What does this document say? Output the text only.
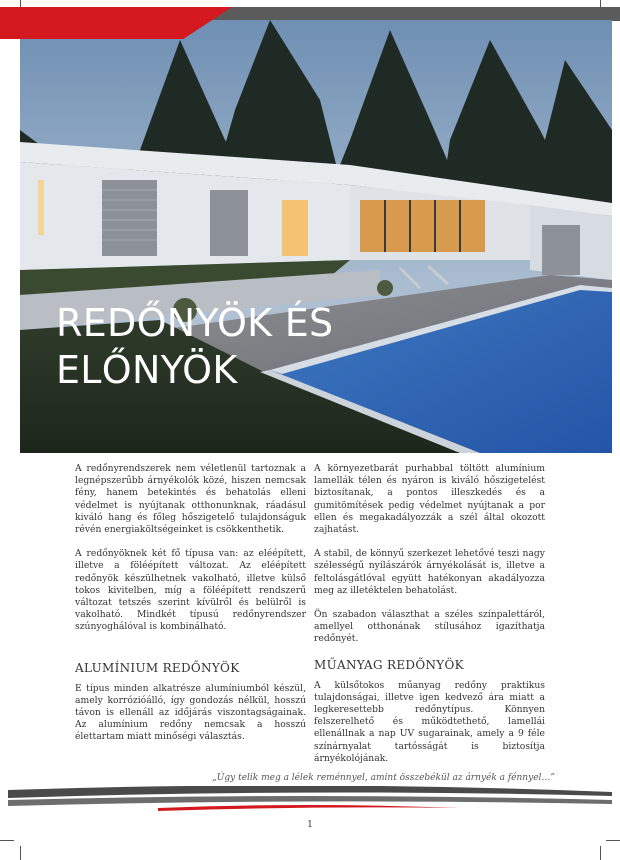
REDŐNYÖK ÉS
ELŐNYÖK

A redőnyrendszerek nem véletlenül tartoznak a legnépszerűbb árnyékolók közé, hiszen nemcsak fény, hanem betekintés és behatolás elleni védelmet is nyújtanak otthonunknak, ráadásul kiváló hang és főleg hőszigetelő tulajdonságuk révén energiaköltségeinket is csökkenthetik.

A redőnyöknek két fő típusa van: az eléépített, illetve a föléépített változat. Az eléépített redőnyök készülhetnek vakolható, illetve külső tokos kivitelben, míg a föléépített rendszerű változat tetszés szerint kívülről és belülről is vakolható. Mindkét típusú redőnyrendszer szúnyoghálóval is kombinálható.

ALUMÍNIUM REDŐNYÖK

E típus minden alkatrésze alumíniumból készül, amely korrózióálló, így gondozás nélkül, hosszú távon is ellenáll az időjárás viszontagságainak. Az alumínium redőny nemcsak a hosszú élettartam miatt minőségi választás.

A környezetbarát purhabbal töltött alumínium lamellák télen és nyáron is kiváló hőszigetelést biztosítanak, a pontos illeszkedés és a gumitömítések pedig védelmet nyújtanak a por ellen és megakadályozzák a szél által okozott zajhatást.

A stabil, de könnyű szerkezet lehetővé teszi nagy szélességű nyílászárók árnyékolását is, illetve a feltolásgátlóval együtt hatékonyan akadályozza meg az illetéktelen behatolást.

Ön szabadon választhat a széles színpalettáról, amellyel otthonának stílusához igazíthatja redőnyét.

MŰANYAG REDŐNYÖK

A külsőtokos műanyag redőny praktikus tulajdonságai, illetve igen kedvező ára miatt a legkeresettebb redőnytípus. Könnyen felszerelhető és működtethető, lamellái ellenállnak a nap UV sugarainak, amely a 9 féle színárnyalat tartósságát is biztosítja árnyékolójának.

„Úgy telik meg a lélek reménnyel, amint összebékül az árnyék a fénnyel…”
1
